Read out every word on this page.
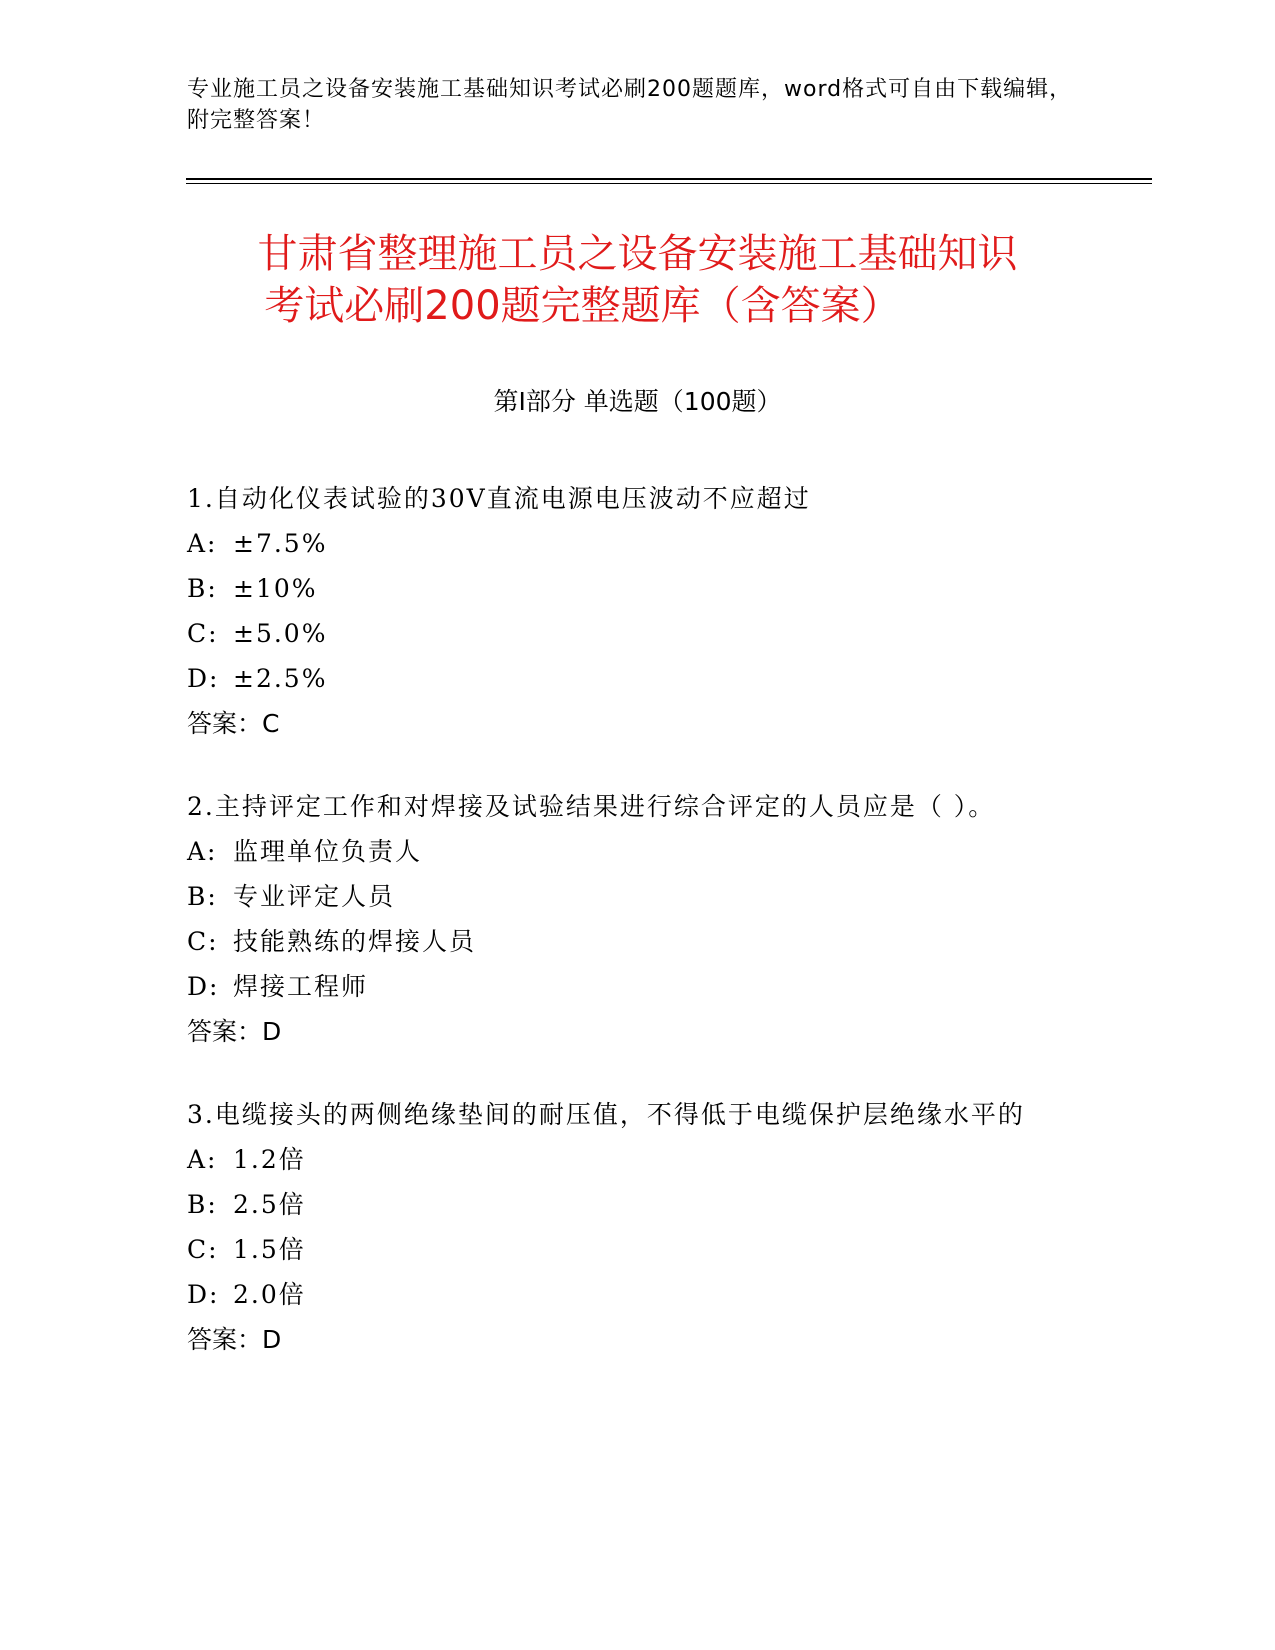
专业施工员之设备安装施工基础知识考试必刷200题题库，word格式可自由下载编辑，附完整答案！
甘肃省整理施工员之设备安装施工基础知识
考试必刷200题完整题库（含答案）
第Ⅰ部分 单选题（100题）
1.自动化仪表试验的30V直流电源电压波动不应超过
A: ±7.5%
B: ±10%
C: ±5.0%
D: ±2.5%
答案：C
2.主持评定工作和对焊接及试验结果进行综合评定的人员应是（ ）。
A: 监理单位负责人
B: 专业评定人员
C: 技能熟练的焊接人员
D: 焊接工程师
答案：D
3.电缆接头的两侧绝缘垫间的耐压值，不得低于电缆保护层绝缘水平的
A: 1.2倍
B: 2.5倍
C: 1.5倍
D: 2.0倍
答案：D
